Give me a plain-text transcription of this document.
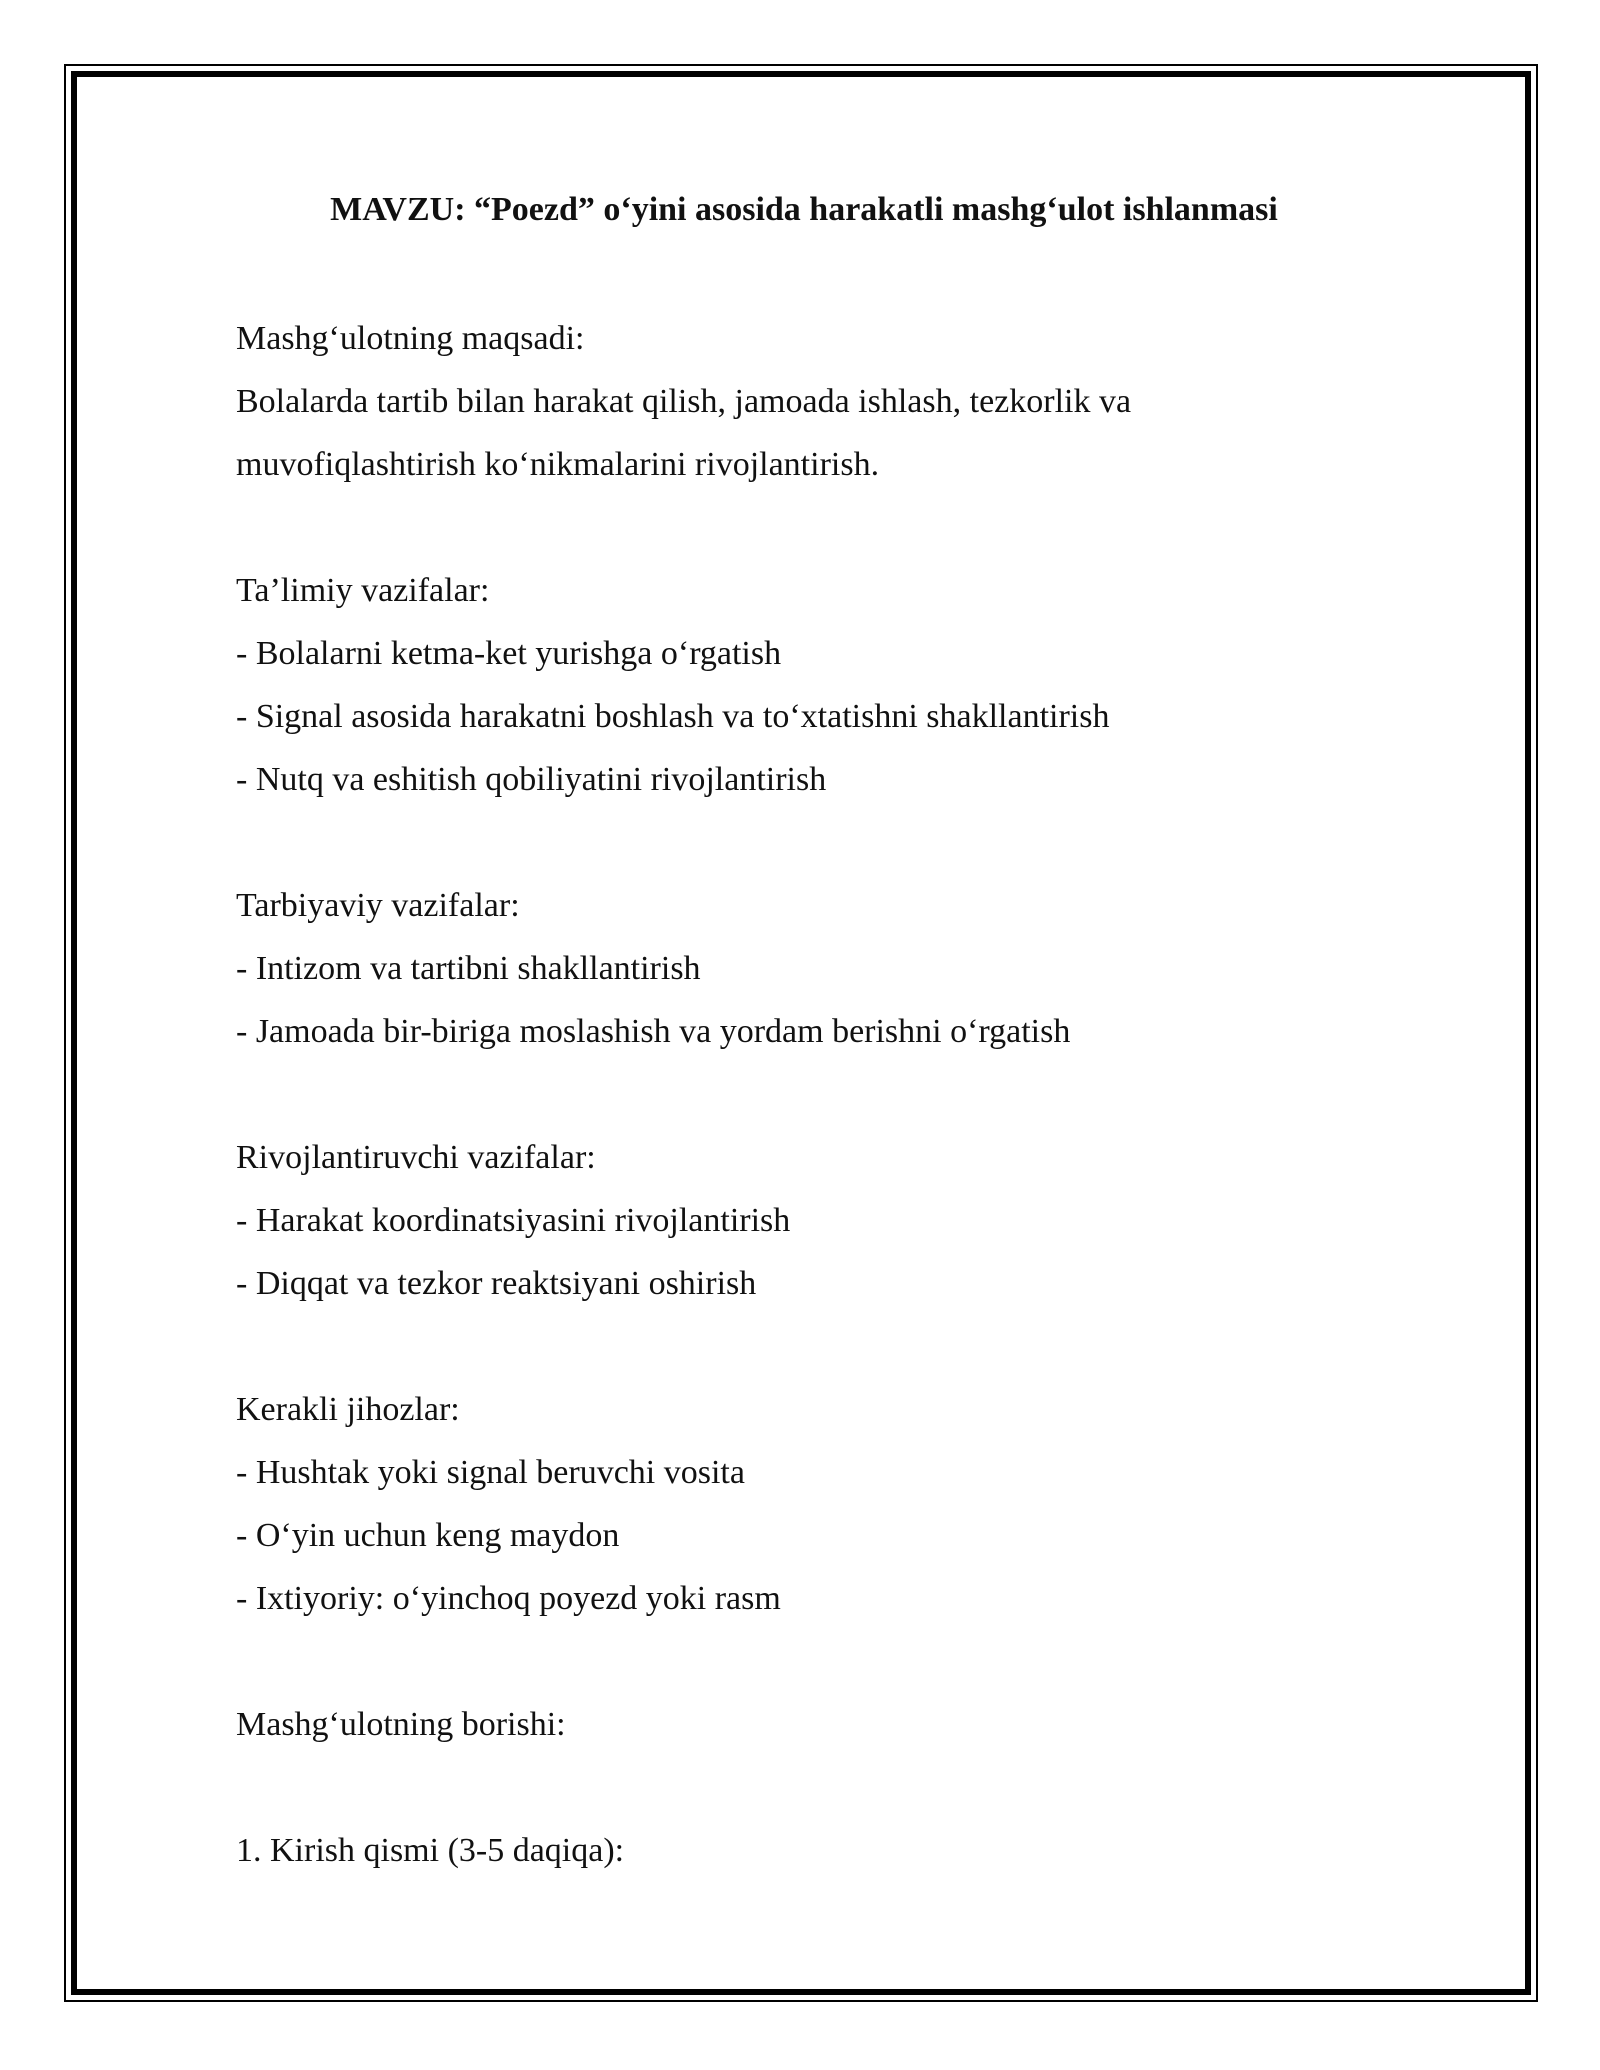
MAVZU: “Poezd” o‘yini asosida harakatli mashg‘ulot ishlanmasi
Mashg‘ulotning maqsadi:
Bolalarda tartib bilan harakat qilish, jamoada ishlash, tezkorlik va
muvofiqlashtirish ko‘nikmalarini rivojlantirish.
Ta’limiy vazifalar:
- Bolalarni ketma-ket yurishga o‘rgatish
- Signal asosida harakatni boshlash va to‘xtatishni shakllantirish
- Nutq va eshitish qobiliyatini rivojlantirish
Tarbiyaviy vazifalar:
- Intizom va tartibni shakllantirish
- Jamoada bir-biriga moslashish va yordam berishni o‘rgatish
Rivojlantiruvchi vazifalar:
- Harakat koordinatsiyasini rivojlantirish
- Diqqat va tezkor reaktsiyani oshirish
Kerakli jihozlar:
- Hushtak yoki signal beruvchi vosita
- O‘yin uchun keng maydon
- Ixtiyoriy: o‘yinchoq poyezd yoki rasm
Mashg‘ulotning borishi:
1. Kirish qismi (3-5 daqiqa):
